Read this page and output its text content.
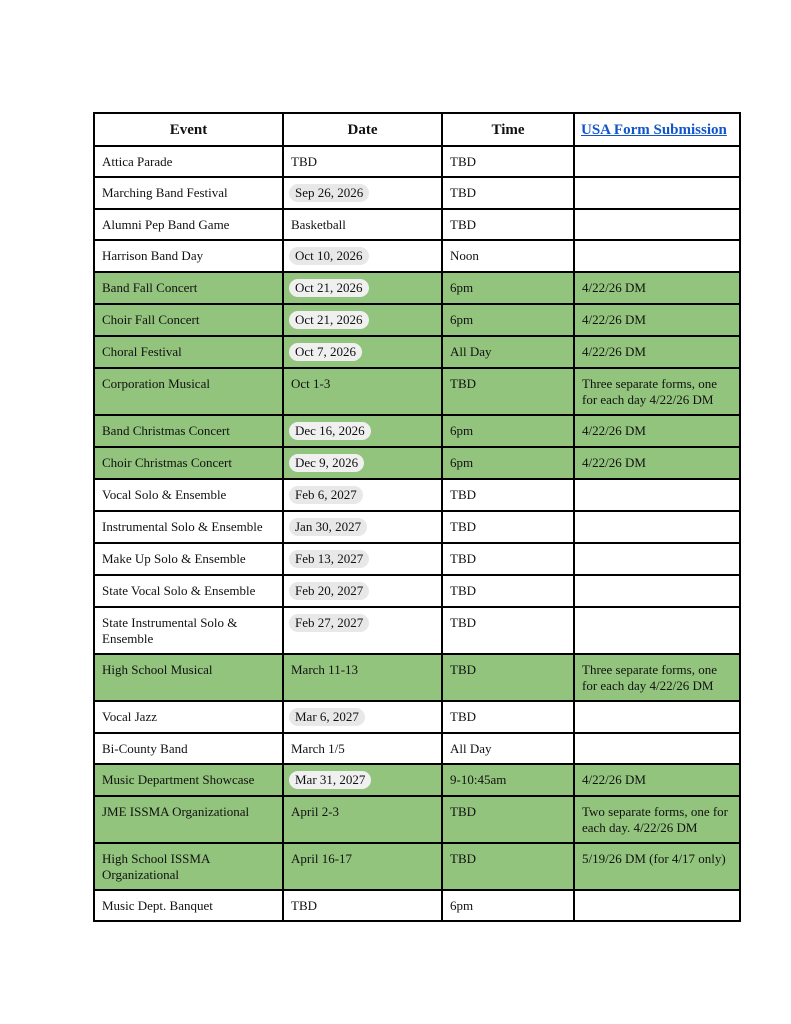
Event	Date	Time	USA Form Submission
Attica Parade	TBD	TBD	
Marching Band Festival	Sep 26, 2026	TBD	
Alumni Pep Band Game	Basketball	TBD	
Harrison Band Day	Oct 10, 2026	Noon	
Band Fall Concert	Oct 21, 2026	6pm	4/22/26 DM
Choir Fall Concert	Oct 21, 2026	6pm	4/22/26 DM
Choral Festival	Oct 7, 2026	All Day	4/22/26 DM
Corporation Musical	Oct 1-3	TBD	Three separate forms, one for each day 4/22/26 DM
Band Christmas Concert	Dec 16, 2026	6pm	4/22/26 DM
Choir Christmas Concert	Dec 9, 2026	6pm	4/22/26 DM
Vocal Solo & Ensemble	Feb 6, 2027	TBD	
Instrumental Solo & Ensemble	Jan 30, 2027	TBD	
Make Up Solo & Ensemble	Feb 13, 2027	TBD	
State Vocal Solo & Ensemble	Feb 20, 2027	TBD	
State Instrumental Solo & Ensemble	Feb 27, 2027	TBD	
High School Musical	March 11-13	TBD	Three separate forms, one for each day 4/22/26 DM
Vocal Jazz	Mar 6, 2027	TBD	
Bi-County Band	March 1/5	All Day	
Music Department Showcase	Mar 31, 2027	9-10:45am	4/22/26 DM
JME ISSMA Organizational	April 2-3	TBD	Two separate forms, one for each day. 4/22/26 DM
High School ISSMA Organizational	April 16-17	TBD	5/19/26 DM (for 4/17 only)
Music Dept. Banquet	TBD	6pm	
